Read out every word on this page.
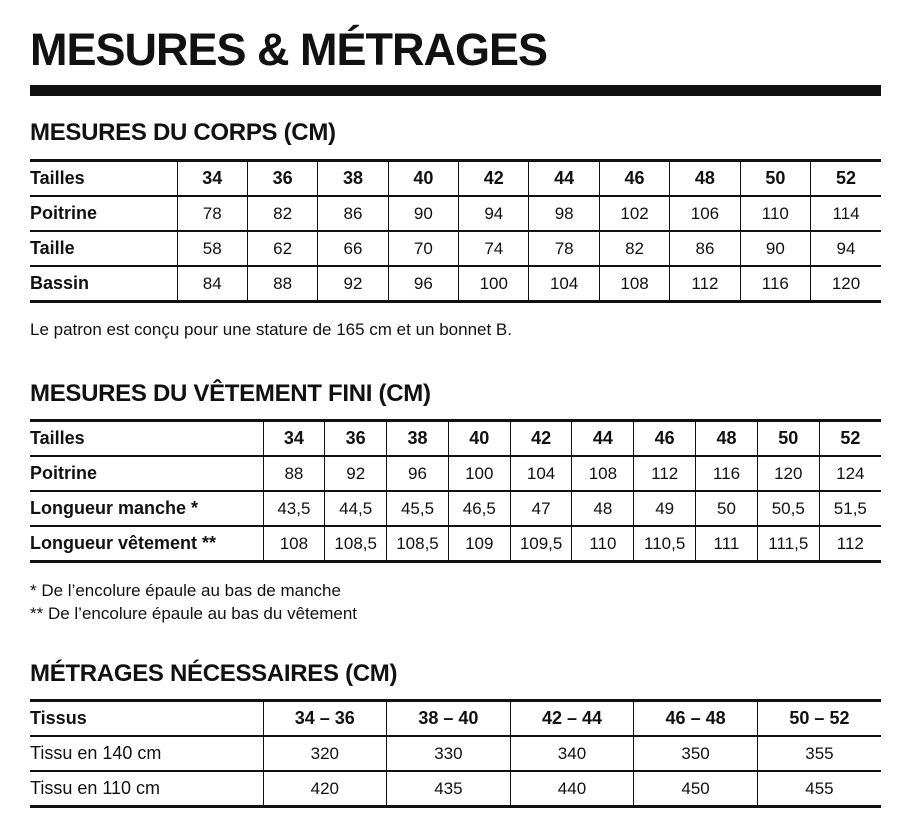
MESURES & MÉTRAGES
MESURES DU CORPS (CM)
Tailles	34	36	38	40	42	44	46	48	50	52
Poitrine	78	82	86	90	94	98	102	106	110	114
Taille	58	62	66	70	74	78	82	86	90	94
Bassin	84	88	92	96	100	104	108	112	116	120

Le patron est conçu pour une stature de 165 cm et un bonnet B.

MESURES DU VÊTEMENT FINI (CM)
Tailles	34	36	38	40	42	44	46	48	50	52
Poitrine	88	92	96	100	104	108	112	116	120	124
Longueur manche *	43,5	44,5	45,5	46,5	47	48	49	50	50,5	51,5
Longueur vêtement **	108	108,5	108,5	109	109,5	110	110,5	111	111,5	112

* De l’encolure épaule au bas de manche

** De l’encolure épaule au bas du vêtement

MÉTRAGES NÉCESSAIRES (CM)
Tissus	34 – 36	38 – 40	42 – 44	46 – 48	50 – 52
Tissu en 140 cm	320	330	340	350	355
Tissu en 110 cm	420	435	440	450	455
